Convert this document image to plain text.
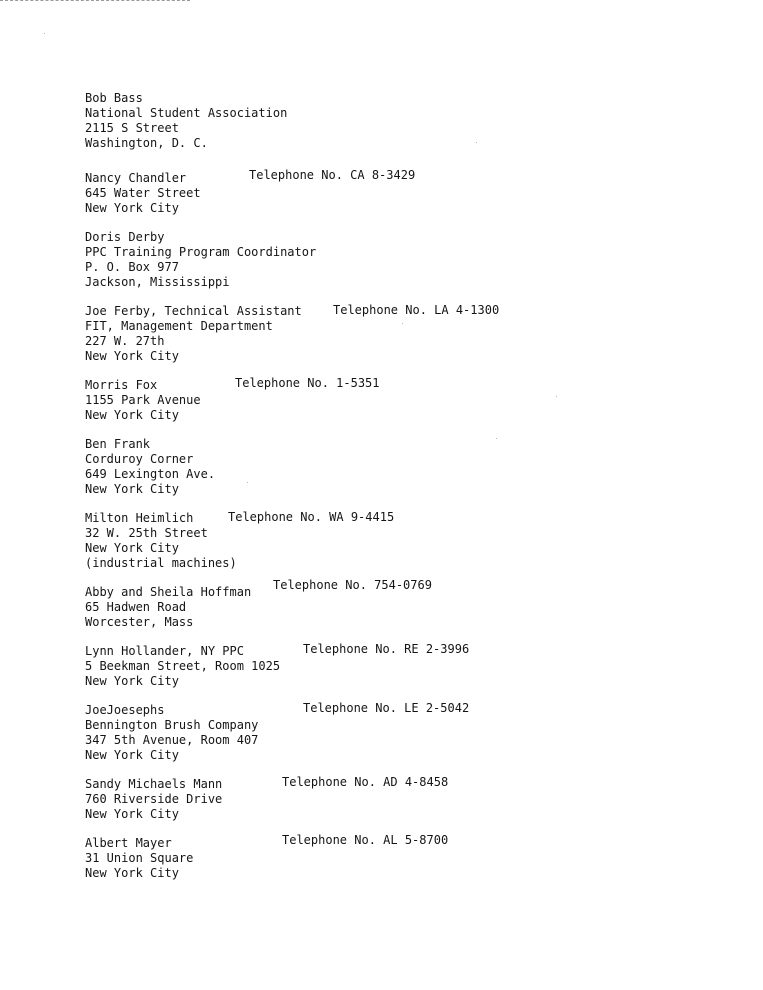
Bob Bass
National Student Association
2115 S Street
Washington, D. C.
Nancy Chandler
645 Water Street
New York City
Telephone No. CA 8-3429
Doris Derby
PPC Training Program Coordinator
P. O. Box 977
Jackson, Mississippi
Joe Ferby, Technical Assistant
FIT, Management Department
227 W. 27th
New York City
Telephone No. LA 4-1300
Morris Fox
1155 Park Avenue
New York City
Telephone No. 1-5351
Ben Frank
Corduroy Corner
649 Lexington Ave.
New York City
Milton Heimlich
32 W. 25th Street
New York City
(industrial machines)
Telephone No. WA 9-4415
Abby and Sheila Hoffman
65 Hadwen Road
Worcester, Mass
Telephone No. 754-0769
Lynn Hollander, NY PPC
5 Beekman Street, Room 1025
New York City
Telephone No. RE 2-3996
JoeJoesephs
Bennington Brush Company
347 5th Avenue, Room 407
New York City
Telephone No. LE 2-5042
Sandy Michaels Mann
760 Riverside Drive
New York City
Telephone No. AD 4-8458
Albert Mayer
31 Union Square
New York City
Telephone No. AL 5-8700
